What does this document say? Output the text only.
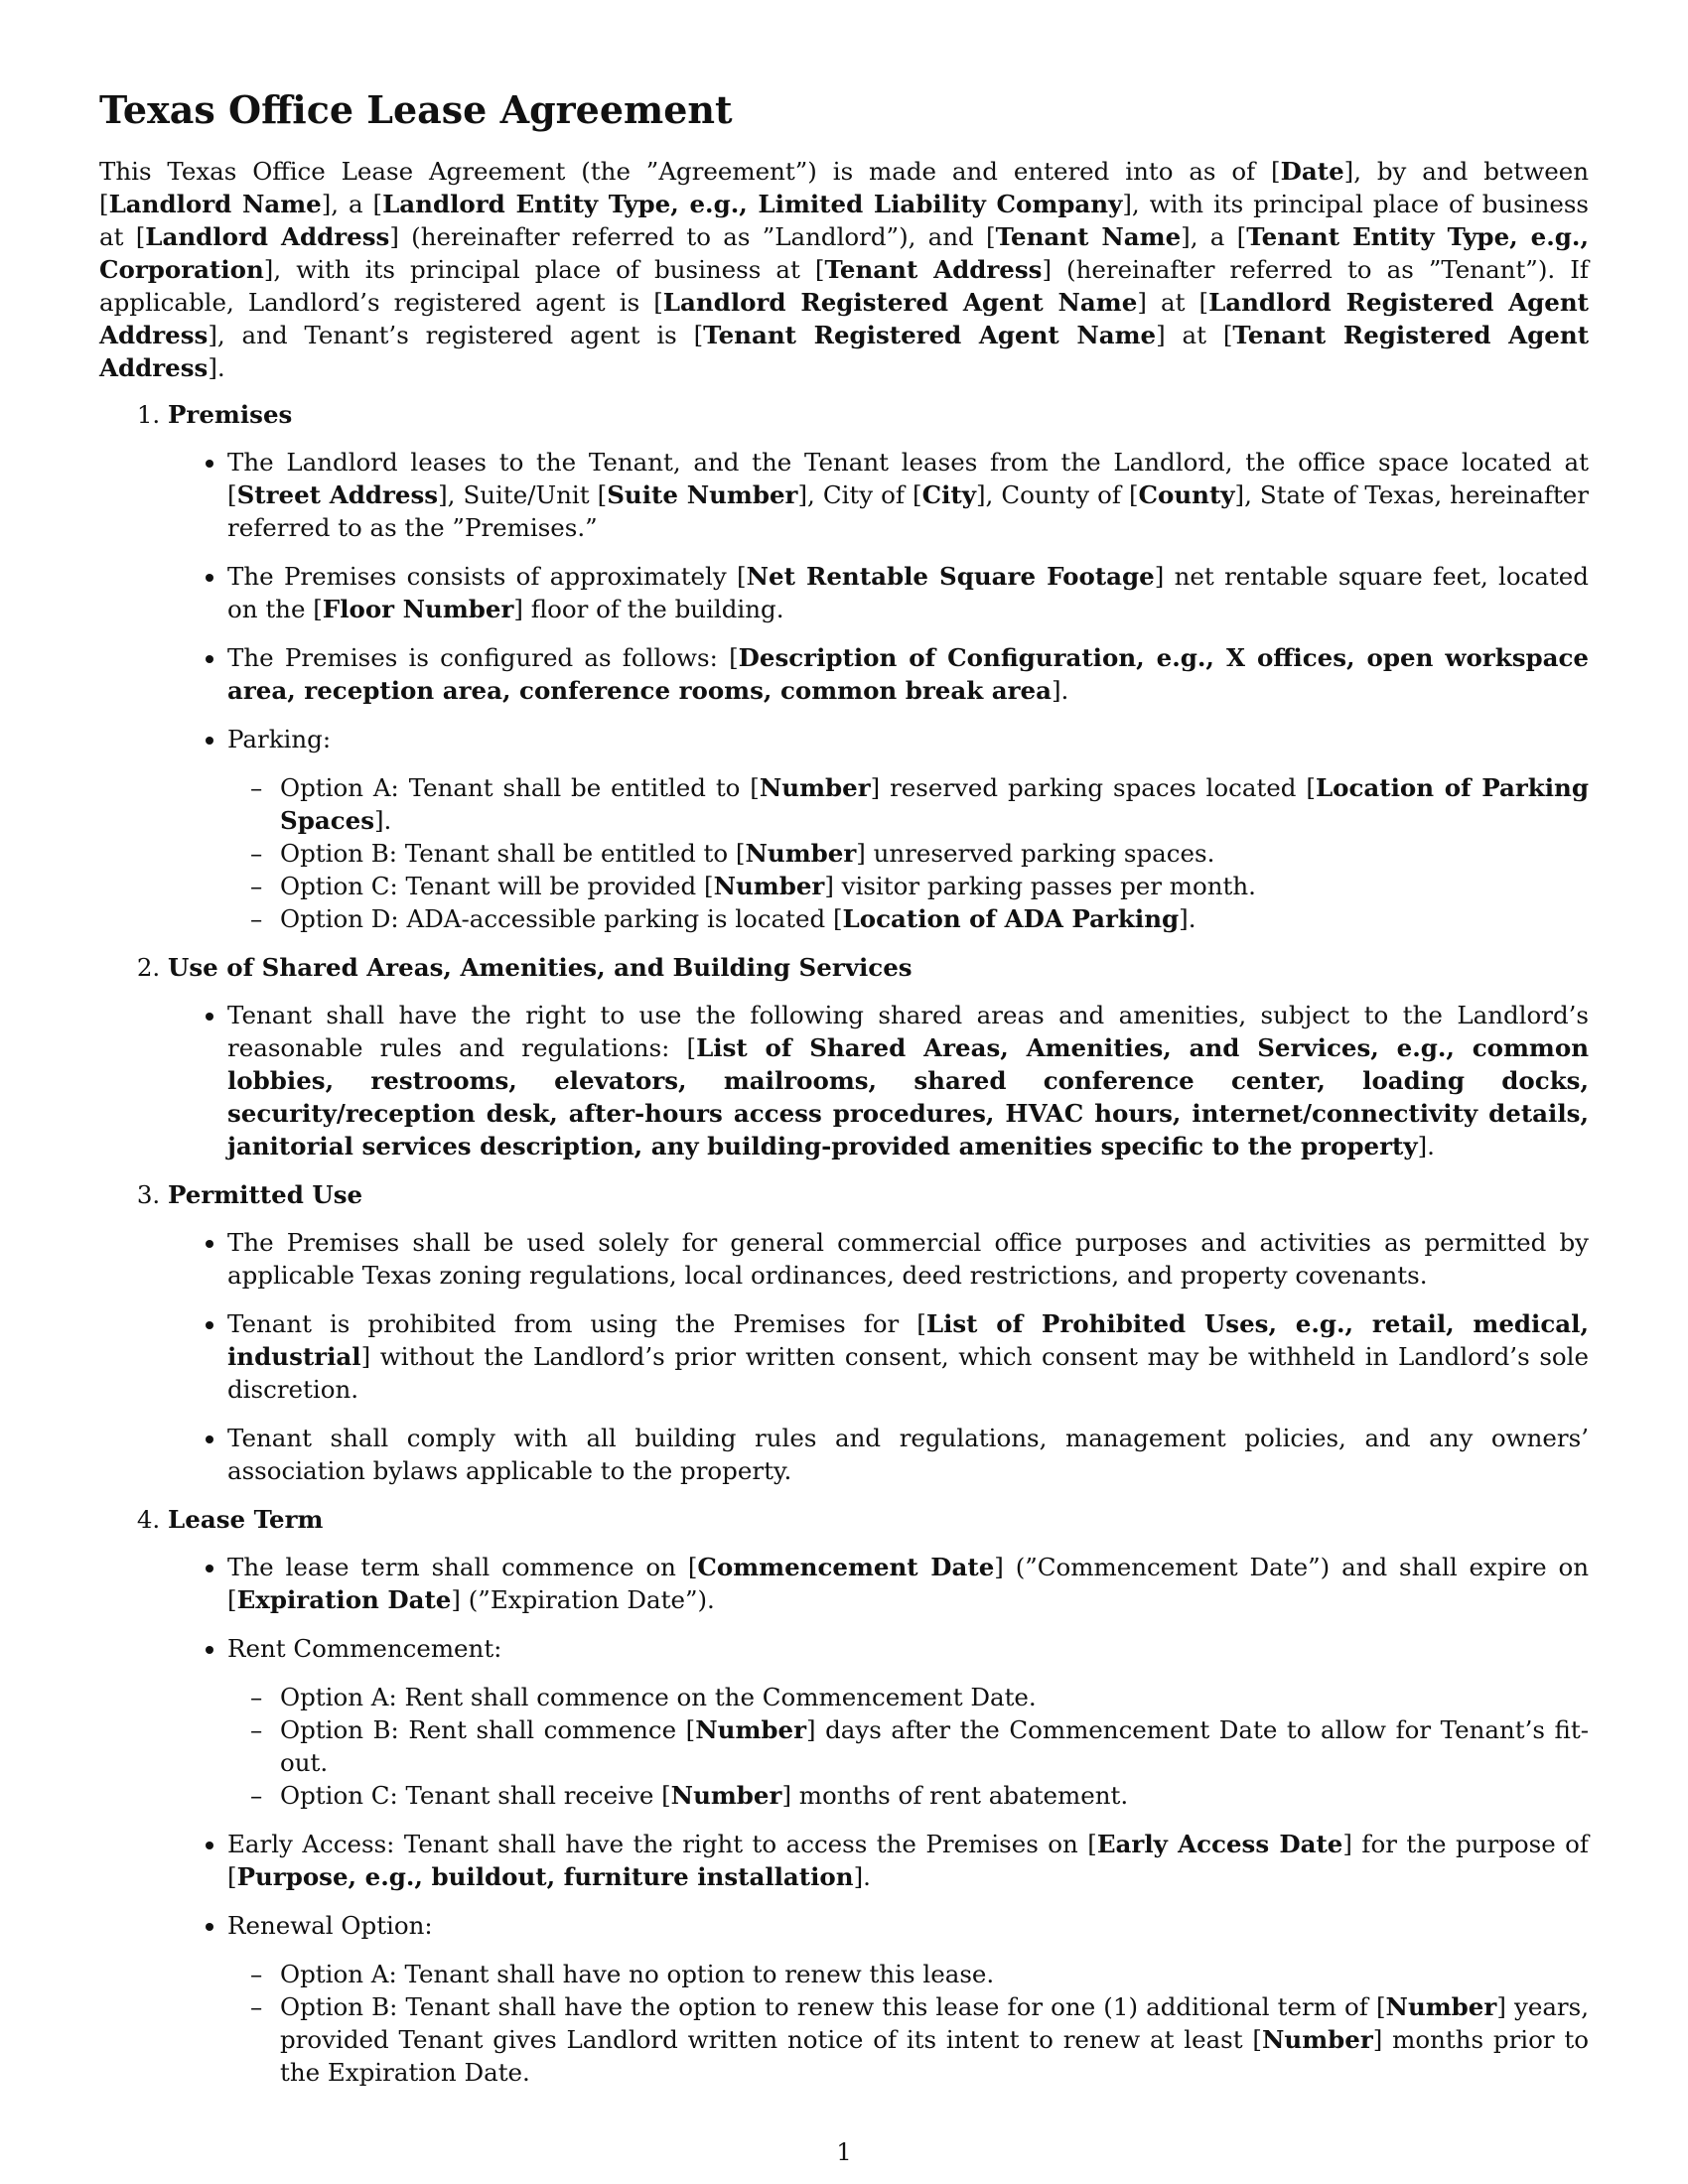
Texas Office Lease Agreement

This Texas Office Lease Agreement (the ”Agreement”) is made and entered into as of [Date], by and between [Landlord Name], a [Landlord Entity Type, e.g., Limited Liability Company], with its principal place of business at [Landlord Address] (hereinafter referred to as ”Landlord”), and [Tenant Name], a [Tenant Entity Type, e.g., Corporation], with its principal place of business at [Tenant Address] (hereinafter referred to as ”Tenant”). If applicable, Landlord’s registered agent is [Landlord Registered Agent Name] at [Landlord Registered Agent Address], and Tenant’s registered agent is [Tenant Registered Agent Name] at [Tenant Registered Agent Address].

1. Premises
• The Landlord leases to the Tenant, and the Tenant leases from the Landlord, the office space located at [Street Address], Suite/Unit [Suite Number], City of [City], County of [County], State of Texas, hereinafter referred to as the ”Premises.”
• The Premises consists of approximately [Net Rentable Square Footage] net rentable square feet, located on the [Floor Number] floor of the building.
• The Premises is configured as follows: [Description of Configuration, e.g., X offices, open workspace area, reception area, conference rooms, common break area].
• Parking:
– Option A: Tenant shall be entitled to [Number] reserved parking spaces located [Location of Parking Spaces].
– Option B: Tenant shall be entitled to [Number] unreserved parking spaces.
– Option C: Tenant will be provided [Number] visitor parking passes per month.
– Option D: ADA-accessible parking is located [Location of ADA Parking].
2. Use of Shared Areas, Amenities, and Building Services
• Tenant shall have the right to use the following shared areas and amenities, subject to the Landlord’s reasonable rules and regulations: [List of Shared Areas, Amenities, and Services, e.g., common lobbies, restrooms, elevators, mailrooms, shared conference center, loading docks, security/reception desk, after-hours access procedures, HVAC hours, internet/connectivity details, janitorial services description, any building-provided amenities specific to the property].
3. Permitted Use
• The Premises shall be used solely for general commercial office purposes and activities as permitted by applicable Texas zoning regulations, local ordinances, deed restrictions, and property covenants.
• Tenant is prohibited from using the Premises for [List of Prohibited Uses, e.g., retail, medical, industrial] without the Landlord’s prior written consent, which consent may be withheld in Landlord’s sole discretion.
• Tenant shall comply with all building rules and regulations, management policies, and any owners’ association bylaws applicable to the property.
4. Lease Term
• The lease term shall commence on [Commencement Date] (”Commencement Date”) and shall expire on [Expiration Date] (”Expiration Date”).
• Rent Commencement:
– Option A: Rent shall commence on the Commencement Date.
– Option B: Rent shall commence [Number] days after the Commencement Date to allow for Tenant’s fit-out.
– Option C: Tenant shall receive [Number] months of rent abatement.
• Early Access: Tenant shall have the right to access the Premises on [Early Access Date] for the purpose of [Purpose, e.g., buildout, furniture installation].
• Renewal Option:
– Option A: Tenant shall have no option to renew this lease.
– Option B: Tenant shall have the option to renew this lease for one (1) additional term of [Number] years, provided Tenant gives Landlord written notice of its intent to renew at least [Number] months prior to the Expiration Date.
1
